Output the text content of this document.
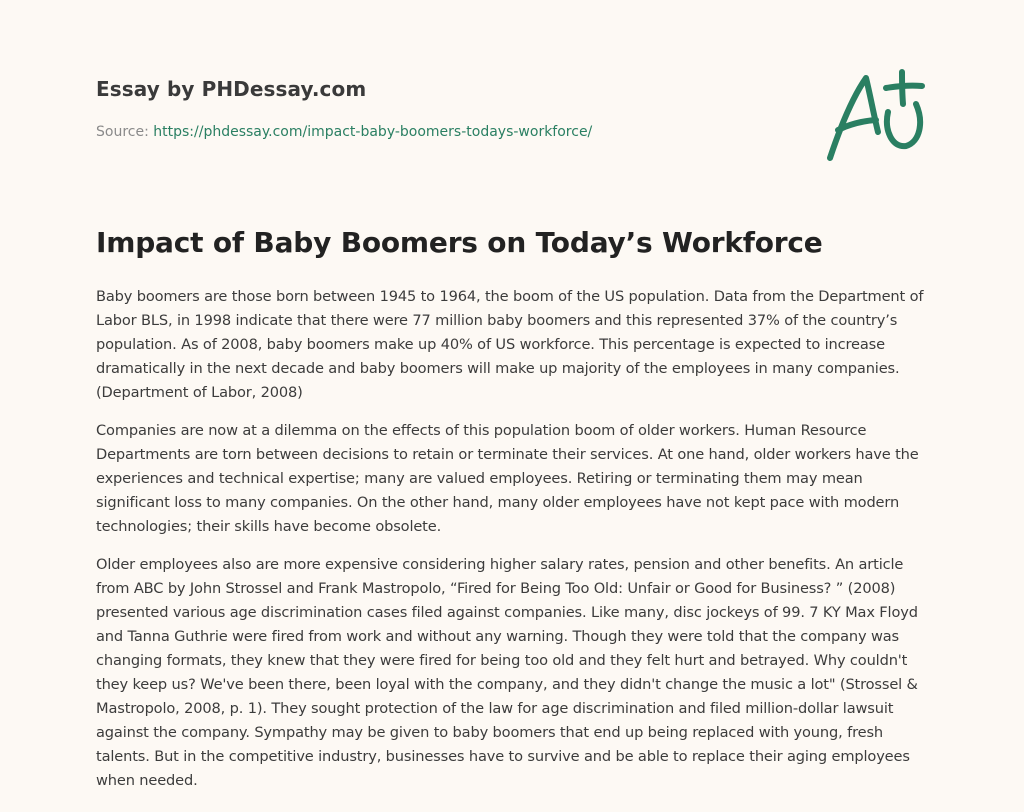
Essay by PHDessay.com
Source: https://phdessay.com/impact-baby-boomers-todays-workforce/
Impact of Baby Boomers on Today’s Workforce

Baby boomers are those born between 1945 to 1964, the boom of the US population. Data from the Department of Labor BLS, in 1998 indicate that there were 77 million baby boomers and this represented 37% of the country’s population. As of 2008, baby boomers make up 40% of US workforce. This percentage is expected to increase dramatically in the next decade and baby boomers will make up majority of the employees in many companies. (Department of Labor, 2008)

Companies are now at a dilemma on the effects of this population boom of older workers. Human Resource Departments are torn between decisions to retain or terminate their services. At one hand, older workers have the experiences and technical expertise; many are valued employees. Retiring or terminating them may mean significant loss to many companies. On the other hand, many older employees have not kept pace with modern technologies; their skills have become obsolete.

Older employees also are more expensive considering higher salary rates, pension and other benefits. An article from ABC by John Strossel and Frank Mastropolo, “Fired for Being Too Old: Unfair or Good for Business? ” (2008) presented various age discrimination cases filed against companies. Like many, disc jockeys of 99. 7 KY Max Floyd and Tanna Guthrie were fired from work and without any warning. Though they were told that the company was changing formats, they knew that they were fired for being too old and they felt hurt and betrayed. Why couldn't they keep us? We've been there, been loyal with the company, and they didn't change the music a lot" (Strossel & Mastropolo, 2008, p. 1). They sought protection of the law for age discrimination and filed million-dollar lawsuit against the company. Sympathy may be given to baby boomers that end up being replaced with young, fresh talents. But in the competitive industry, businesses have to survive and be able to replace their aging employees when needed.
